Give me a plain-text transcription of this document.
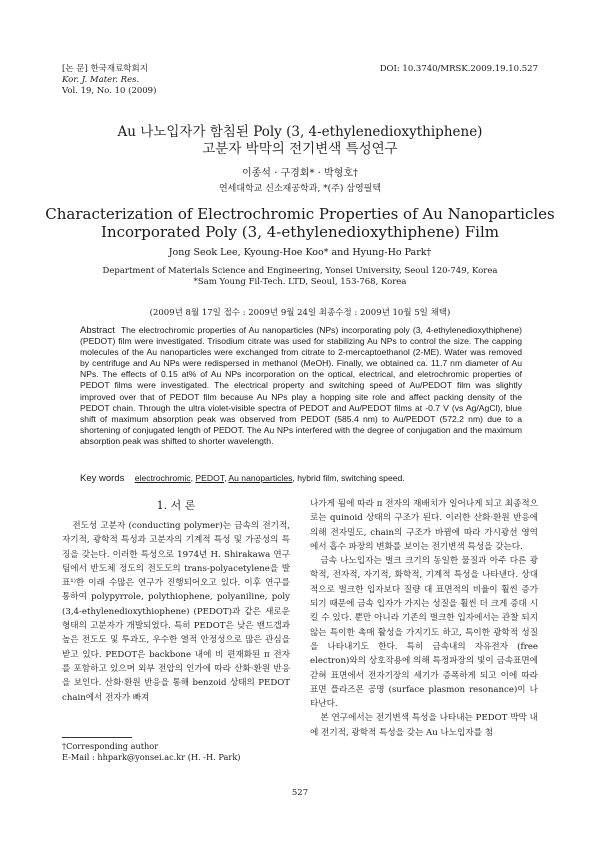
[논 문] 한국재료학회지
Kor. J. Mater. Res.
Vol. 19, No. 10 (2009)
DOI: 10.3740/MRSK.2009.19.10.527
Au 나노입자가 함침된 Poly (3, 4-ethylenedioxythiphene)
고분자 박막의 전기변색 특성연구
이종석 · 구경회* · 박형호†
연세대학교 신소재공학과, *(주) 삼영필텍
Characterization of Electrochromic Properties of Au Nanoparticles
Incorporated Poly (3, 4-ethylenedioxythiphene) Film
Jong Seok Lee, Kyoung-Hoe Koo* and Hyung-Ho Park†
Department of Materials Science and Engineering, Yonsei University, Seoul 120-749, Korea
*Sam Young Fil-Tech. LTD, Seoul, 153-768, Korea
(2009년 8월 17일 접수 : 2009년 9월 24일 최종수정 : 2009년 10월 5일 채택)
Abstract The electrochromic properties of Au nanoparticles (NPs) incorporating poly (3, 4-ethylenedioxythiphene) (PEDOT) film were investigated. Trisodium citrate was used for stabilizing Au NPs to control the size. The capping molecules of the Au nanoparticles were exchanged from citrate to 2-mercaptoethanol (2-ME). Water was removed by centrifuge and Au NPs were redispersed in methanol (MeOH). Finally, we obtained ca. 11.7 nm diameter of Au NPs. The effects of 0.15 at% of Au NPs incorporation on the optical, electrical, and eletrochromic properties of PEDOT films were investigated. The electrical property and switching speed of Au/PEDOT film was slightly improved over that of PEDOT film because Au NPs play a hopping site role and affect packing density of the PEDOT chain. Through the ultra violet-visible spectra of PEDOT and Au/PEDOT films at -0.7 V (vs Ag/AgCl), blue shift of maximum absorption peak was observed from PEDOT (585.4 nm) to Au/PEDOT (572.2 nm) due to a shortening of conjugated length of PEDOT. The Au NPs interfered with the degree of conjugation and the maximum absorption peak was shifted to shorter wavelength.
Key words electrochromic, PEDOT, Au nanoparticles, hybrid film, switching speed.
1. 서 론

전도성 고분자 (conducting polymer)는 금속의 전기적, 자기적, 광학적 특성과 고분자의 기계적 특성 및 가공성의 특징을 갖는다. 이러한 특성으로 1974년 H. Shirakawa 연구팀에서 반도체 정도의 전도도의 trans-polyacetylene을 발표¹⁾한 이래 수많은 연구가 진행되어오고 있다. 이후 연구를 통하여 polypyrrole, polythiophene, polyaniline, poly (3,4-ethylenedioxythiophene) (PEDOT)과 같은 새로운 형태의 고분자가 개발되었다. 특히 PEDOT은 낮은 밴드갭과 높은 전도도 및 투과도, 우수한 열적 안정성으로 많은 관심을 받고 있다. PEDOT은 backbone 내에 비 편재화된 π 전자를 포함하고 있으며 외부 전압의 인가에 따라 산화·환원 반응을 보인다. 산화·환원 반응을 통해 benzoid 상태의 PEDOT chain에서 전자가 빠져

나가게 됨에 따라 π 전자의 재배치가 일어나게 되고 최종적으로는 quinoid 상태의 구조가 된다. 이러한 산화·환원 반응에 의해 전자밀도, chain의 구조가 바뀜에 따라 가시광선 영역에서 흡수 파장의 변화를 보이는 전기변색 특성을 갖는다.

금속 나노입자는 벌크 크기의 동일한 물질과 아주 다른 광학적, 전자적, 자기적, 화학적, 기계적 특성을 나타낸다. 상대적으로 벌크한 입자보다 질량 대 표면적의 비율이 훨씬 증가되기 때문에 금속 입자가 가지는 성질을 훨씬 더 크게 증대 시킬 수 있다. 뿐만 아니라 기존의 벌크한 입자에서는 관찰 되지 않는 특이한 촉매 활성을 가지기도 하고, 특이한 광학적 성질을 나타내기도 한다. 특히 금속내의 자유전자 (free electron)와의 상호작용에 의해 특정파장의 빛이 금속표면에 갇혀 표면에서 전자기장의 세기가 증폭하게 되고 이에 따라 표면 플라즈몬 공명 (surface plasmon resonance)이 나타난다.

본 연구에서는 전기변색 특성을 나타내는 PEDOT 박막 내에 전기적, 광학적 특성을 갖는 Au 나노입자를 첨

†Corresponding author
E-Mail : hhpark@yonsei.ac.kr (H. -H. Park)
527
